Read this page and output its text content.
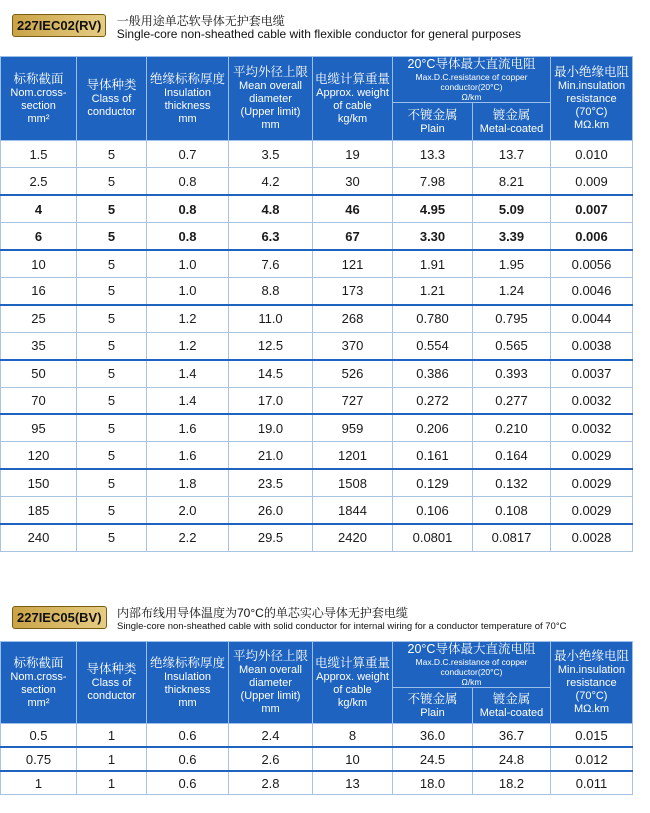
227IEC02(RV) 一般用途单芯软导体无护套电缆
Single-core non-sheathed cable with flexible conductor for general purposes
标称截面
Nom.cross-
section
mm²	导体种类
Class of
conductor	绝缘标称厚度
Insulation
thickness
mm	平均外径上限
Mean overall
diameter
(Upper limit)
mm	电缆计算重量
Approx. weight
of cable
kg/km	20°C导体最大直流电阻
Max.D.C.resistance of copper conductor(20°C)
Ω/km		最小绝缘电阻
Min.insulation
resistance
(70°C)
MΩ.km

					不镀金属
Plain	镀金属
Metal-coated	

1.5	5	0.7	3.5	19	13.3	13.7	0.010
2.5	5	0.8	4.2	30	7.98	8.21	0.009
4	5	0.8	4.8	46	4.95	5.09	0.007
6	5	0.8	6.3	67	3.30	3.39	0.006
10	5	1.0	7.6	121	1.91	1.95	0.0056
16	5	1.0	8.8	173	1.21	1.24	0.0046
25	5	1.2	11.0	268	0.780	0.795	0.0044
35	5	1.2	12.5	370	0.554	0.565	0.0038
50	5	1.4	14.5	526	0.386	0.393	0.0037
70	5	1.4	17.0	727	0.272	0.277	0.0032
95	5	1.6	19.0	959	0.206	0.210	0.0032
120	5	1.6	21.0	1201	0.161	0.164	0.0029
150	5	1.8	23.5	1508	0.129	0.132	0.0029
185	5	2.0	26.0	1844	0.106	0.108	0.0029
240	5	2.2	29.5	2420	0.0801	0.0817	0.0028
227IEC05(BV) 内部布线用导体温度为70°C的单芯实心导体无护套电缆
Single-core non-sheathed cable with solid conductor for internal wiring for a conductor temperature of 70°C
标称截面
Nom.cross-
section
mm²	导体种类
Class of
conductor	绝缘标称厚度
Insulation
thickness
mm	平均外径上限
Mean overall
diameter
(Upper limit)
mm	电缆计算重量
Approx. weight
of cable
kg/km	20°C导体最大直流电阻
Max.D.C.resistance of copper conductor(20°C)
Ω/km		最小绝缘电阻
Min.insulation
resistance
(70°C)
MΩ.km

					不镀金属
Plain	镀金属
Metal-coated	

0.5	1	0.6	2.4	8	36.0	36.7	0.015
0.75	1	0.6	2.6	10	24.5	24.8	0.012
1	1	0.6	2.8	13	18.0	18.2	0.011
